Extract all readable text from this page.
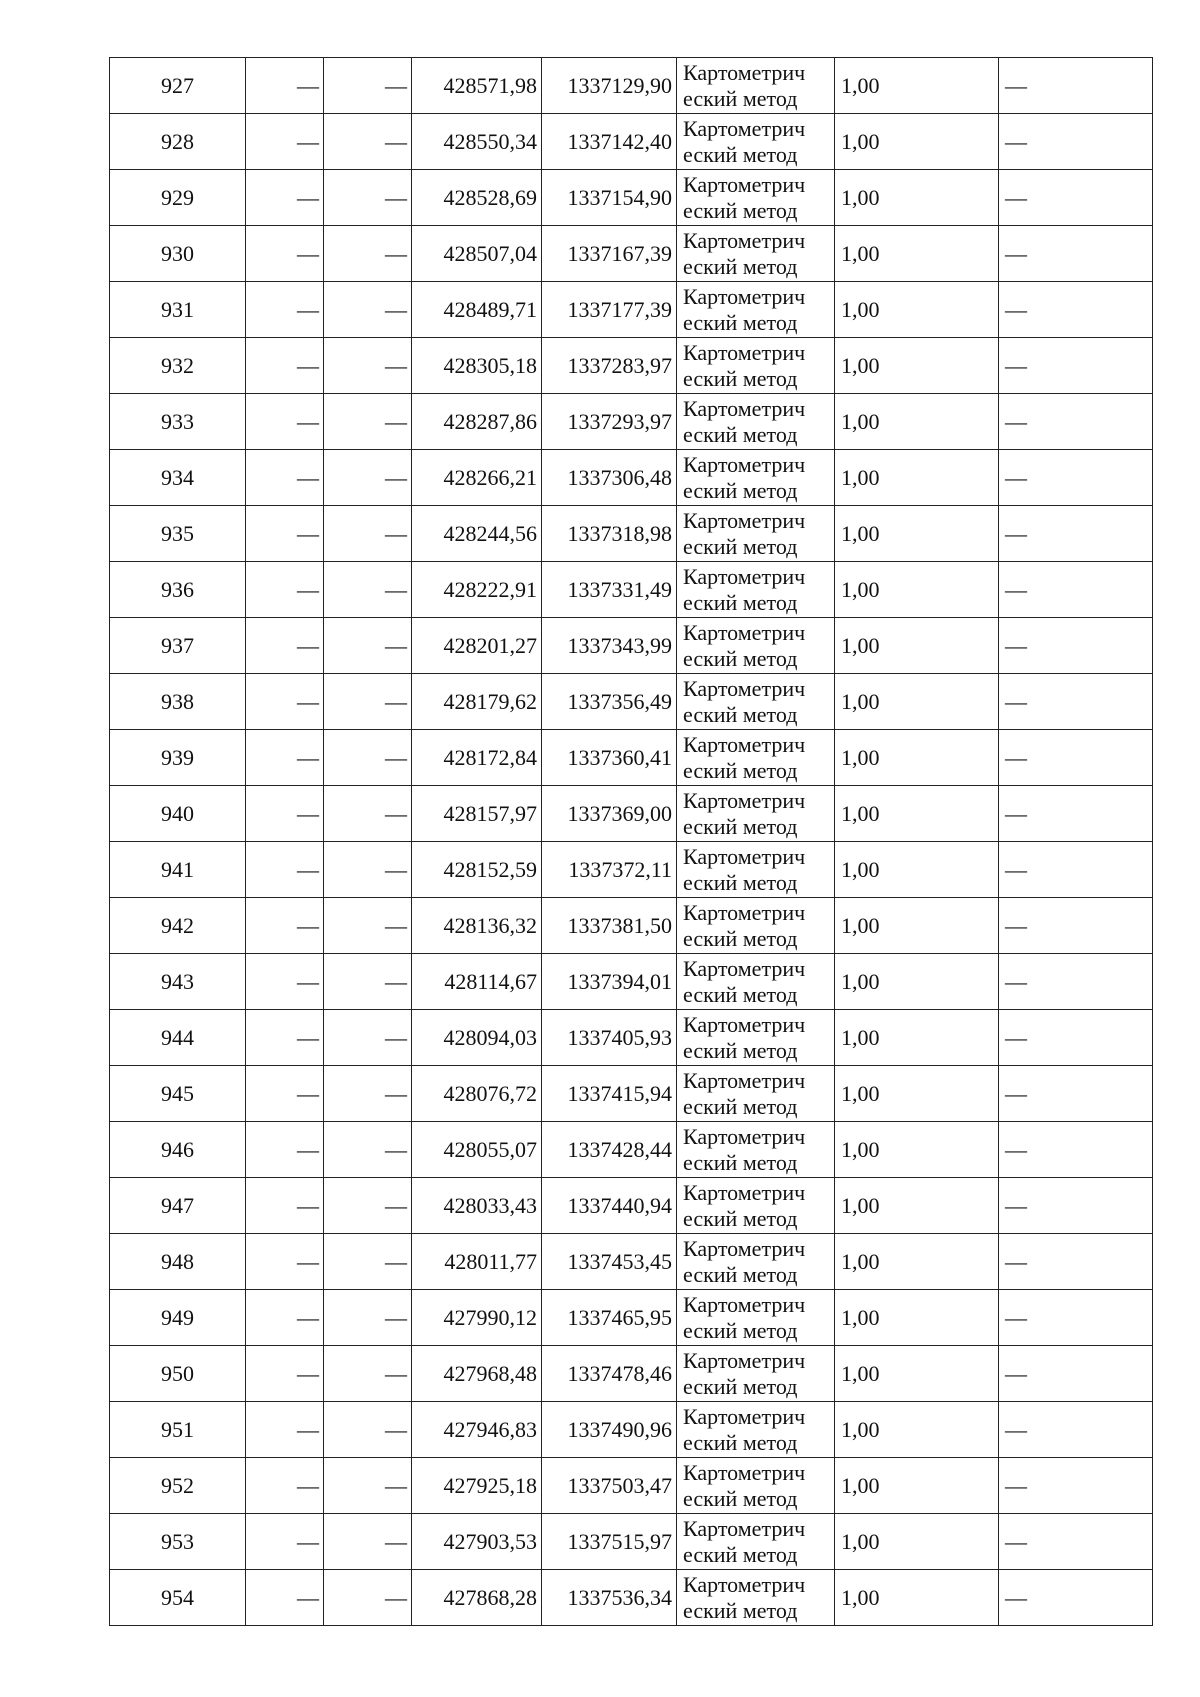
927	—	—	428571,98	1337129,90	Картометрич
еский метод	1,00	—
928	—	—	428550,34	1337142,40	Картометрич
еский метод	1,00	—
929	—	—	428528,69	1337154,90	Картометрич
еский метод	1,00	—
930	—	—	428507,04	1337167,39	Картометрич
еский метод	1,00	—
931	—	—	428489,71	1337177,39	Картометрич
еский метод	1,00	—
932	—	—	428305,18	1337283,97	Картометрич
еский метод	1,00	—
933	—	—	428287,86	1337293,97	Картометрич
еский метод	1,00	—
934	—	—	428266,21	1337306,48	Картометрич
еский метод	1,00	—
935	—	—	428244,56	1337318,98	Картометрич
еский метод	1,00	—
936	—	—	428222,91	1337331,49	Картометрич
еский метод	1,00	—
937	—	—	428201,27	1337343,99	Картометрич
еский метод	1,00	—
938	—	—	428179,62	1337356,49	Картометрич
еский метод	1,00	—
939	—	—	428172,84	1337360,41	Картометрич
еский метод	1,00	—
940	—	—	428157,97	1337369,00	Картометрич
еский метод	1,00	—
941	—	—	428152,59	1337372,11	Картометрич
еский метод	1,00	—
942	—	—	428136,32	1337381,50	Картометрич
еский метод	1,00	—
943	—	—	428114,67	1337394,01	Картометрич
еский метод	1,00	—
944	—	—	428094,03	1337405,93	Картометрич
еский метод	1,00	—
945	—	—	428076,72	1337415,94	Картометрич
еский метод	1,00	—
946	—	—	428055,07	1337428,44	Картометрич
еский метод	1,00	—
947	—	—	428033,43	1337440,94	Картометрич
еский метод	1,00	—
948	—	—	428011,77	1337453,45	Картометрич
еский метод	1,00	—
949	—	—	427990,12	1337465,95	Картометрич
еский метод	1,00	—
950	—	—	427968,48	1337478,46	Картометрич
еский метод	1,00	—
951	—	—	427946,83	1337490,96	Картометрич
еский метод	1,00	—
952	—	—	427925,18	1337503,47	Картометрич
еский метод	1,00	—
953	—	—	427903,53	1337515,97	Картометрич
еский метод	1,00	—
954	—	—	427868,28	1337536,34	Картометрич
еский метод	1,00	—
